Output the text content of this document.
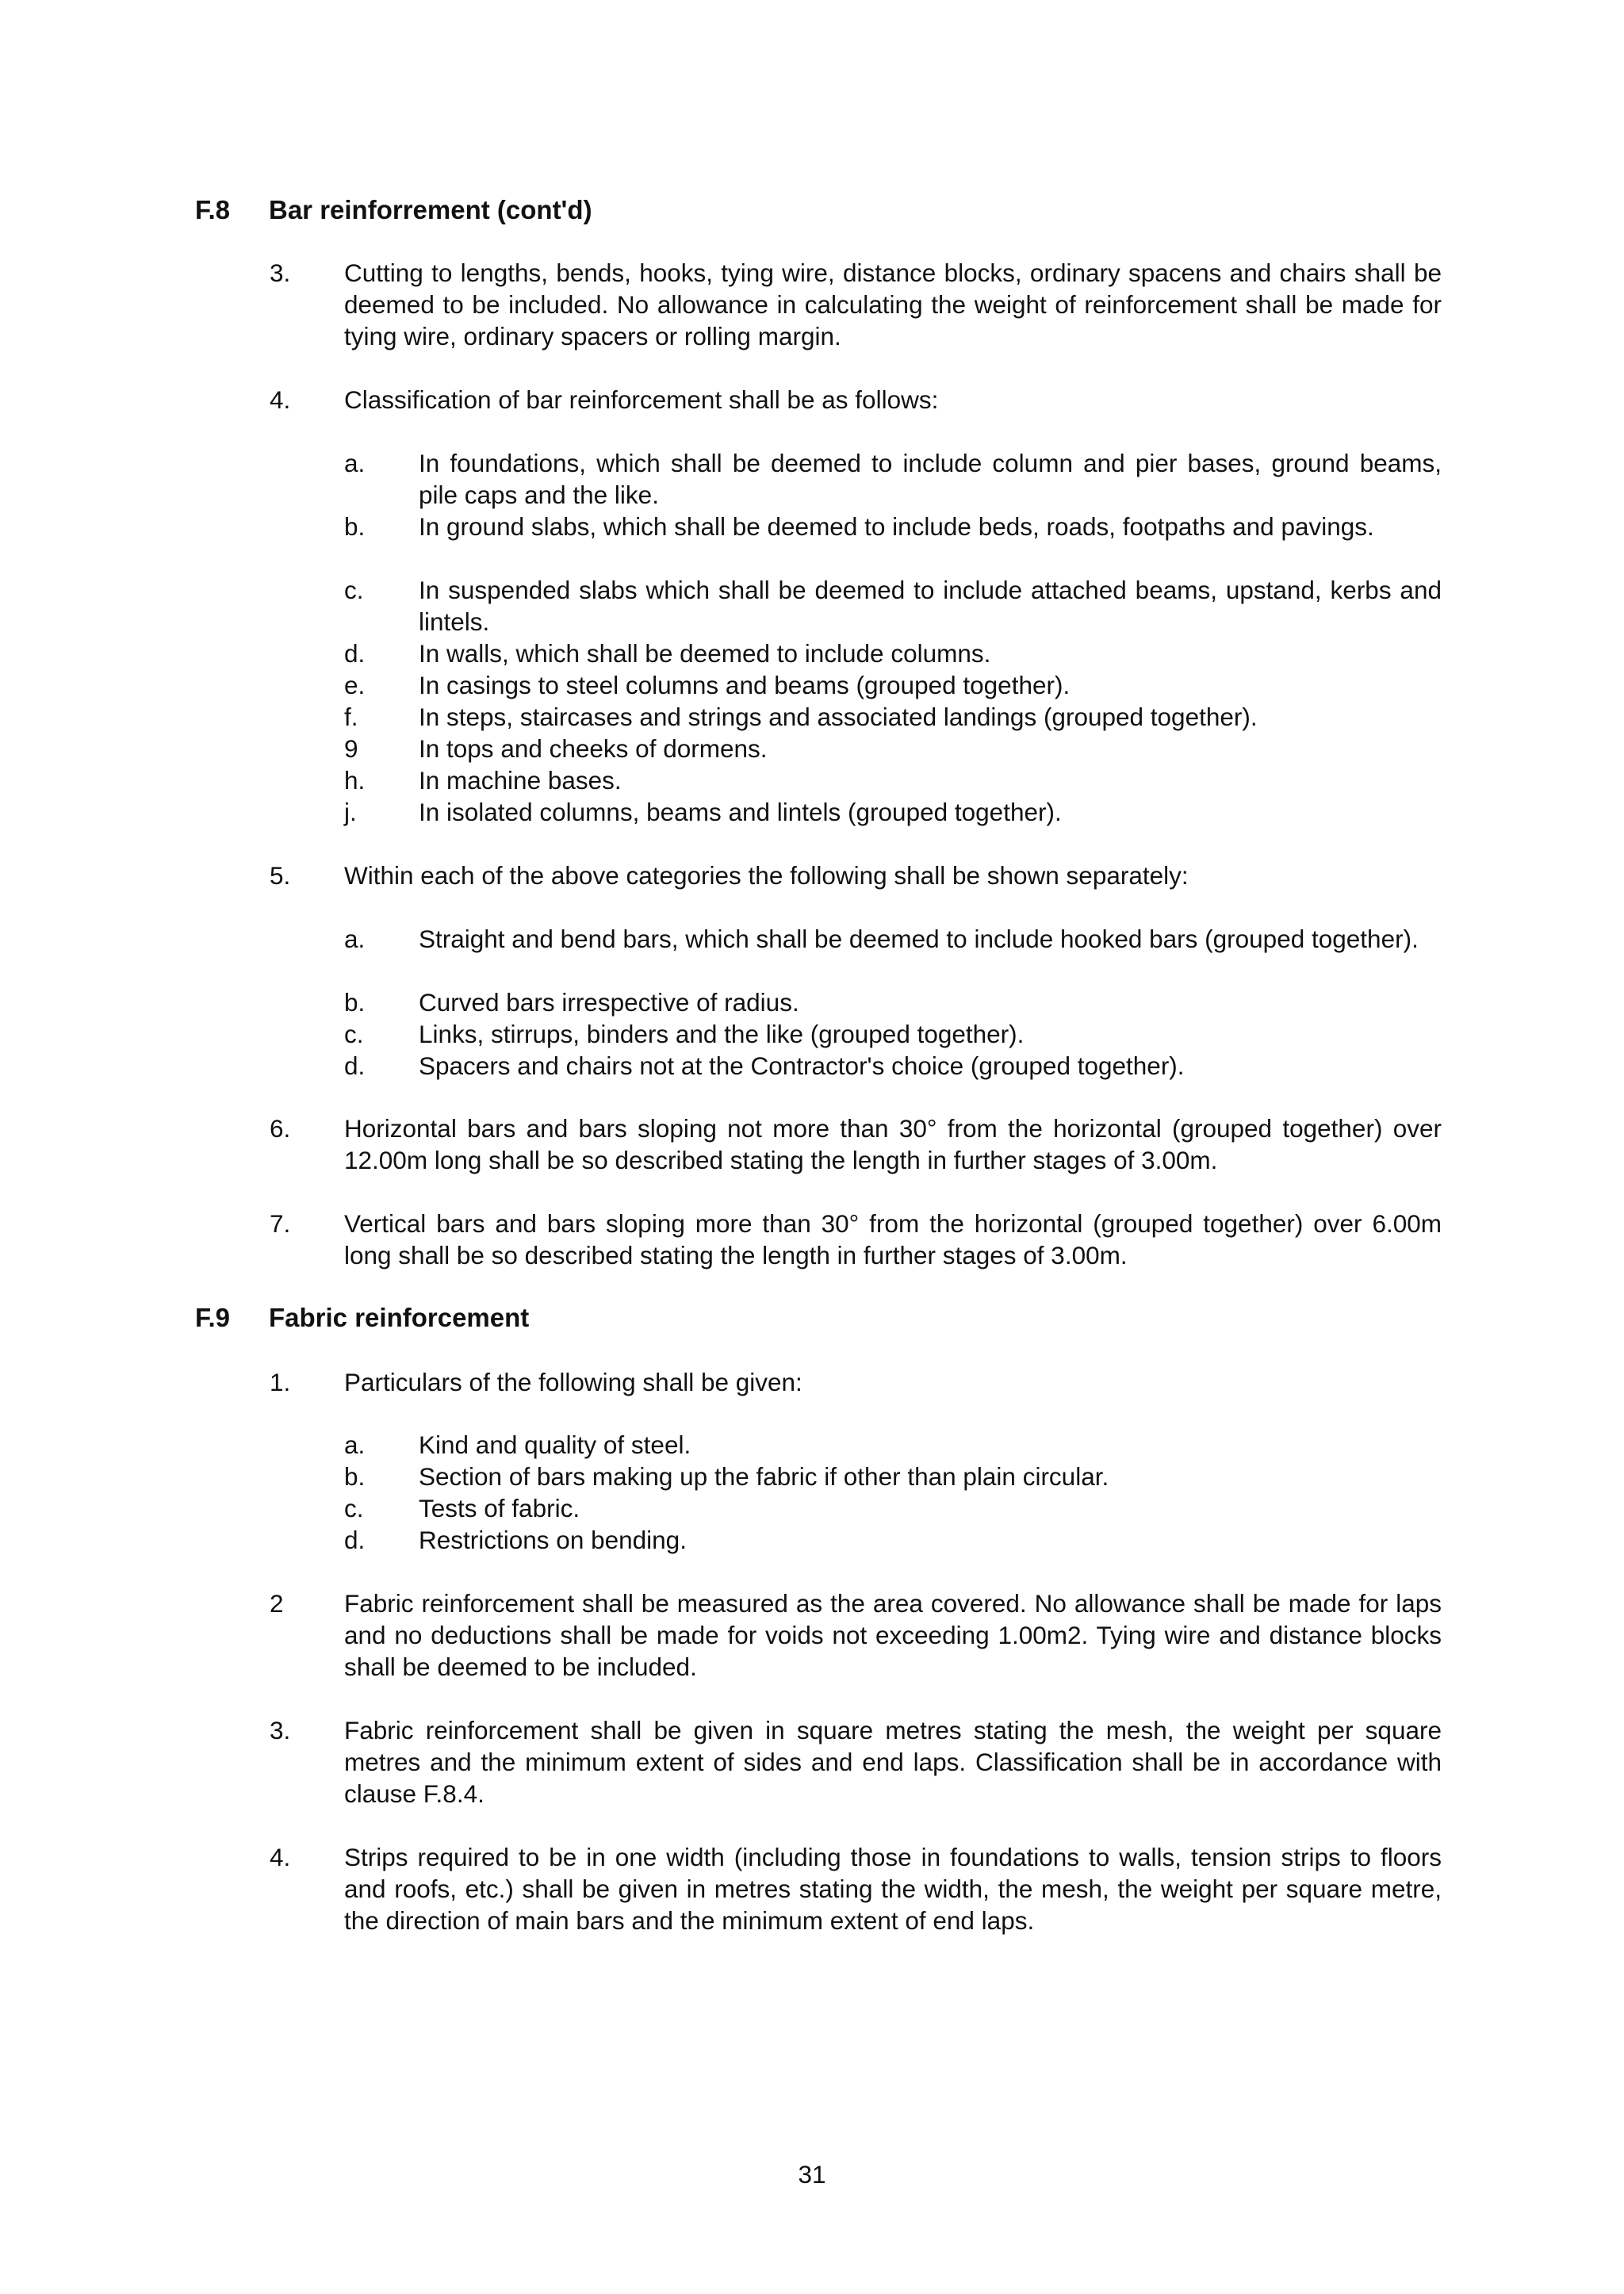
F.8 Bar reinforrement (cont'd)
3. Cutting to lengths, bends, hooks, tying wire, distance blocks, ordinary spacens and chairs shall be deemed to be included. No allowance in calculating the weight of reinforcement shall be made for tying wire, ordinary spacers or rolling margin.
4. Classification of bar reinforcement shall be as follows:
a. In foundations, which shall be deemed to include column and pier bases, ground beams, pile caps and the like.
b. In ground slabs, which shall be deemed to include beds, roads, footpaths and pavings.
c. In suspended slabs which shall be deemed to include attached beams, upstand, kerbs and lintels.
d. In walls, which shall be deemed to include columns.
e. In casings to steel columns and beams (grouped together).
f. In steps, staircases and strings and associated landings (grouped together).
9 In tops and cheeks of dormens.
h. In machine bases.
j. In isolated columns, beams and lintels (grouped together).
5. Within each of the above categories the following shall be shown separately:
a. Straight and bend bars, which shall be deemed to include hooked bars (grouped together).
b. Curved bars irrespective of radius.
c. Links, stirrups, binders and the like (grouped together).
d. Spacers and chairs not at the Contractor's choice (grouped together).
6. Horizontal bars and bars sloping not more than 30° from the horizontal (grouped together) over 12.00m long shall be so described stating the length in further stages of 3.00m.
7. Vertical bars and bars sloping more than 30° from the horizontal (grouped together) over 6.00m long shall be so described stating the length in further stages of 3.00m.
F.9 Fabric reinforcement
1. Particulars of the following shall be given:
a. Kind and quality of steel.
b. Section of bars making up the fabric if other than plain circular.
c. Tests of fabric.
d. Restrictions on bending.
2 Fabric reinforcement shall be measured as the area covered. No allowance shall be made for laps and no deductions shall be made for voids not exceeding 1.00m2. Tying wire and distance blocks shall be deemed to be included.
3. Fabric reinforcement shall be given in square metres stating the mesh, the weight per square metres and the minimum extent of sides and end laps. Classification shall be in accordance with clause F.8.4.
4. Strips required to be in one width (including those in foundations to walls, tension strips to floors and roofs, etc.) shall be given in metres stating the width, the mesh, the weight per square metre, the direction of main bars and the minimum extent of end laps.
31
